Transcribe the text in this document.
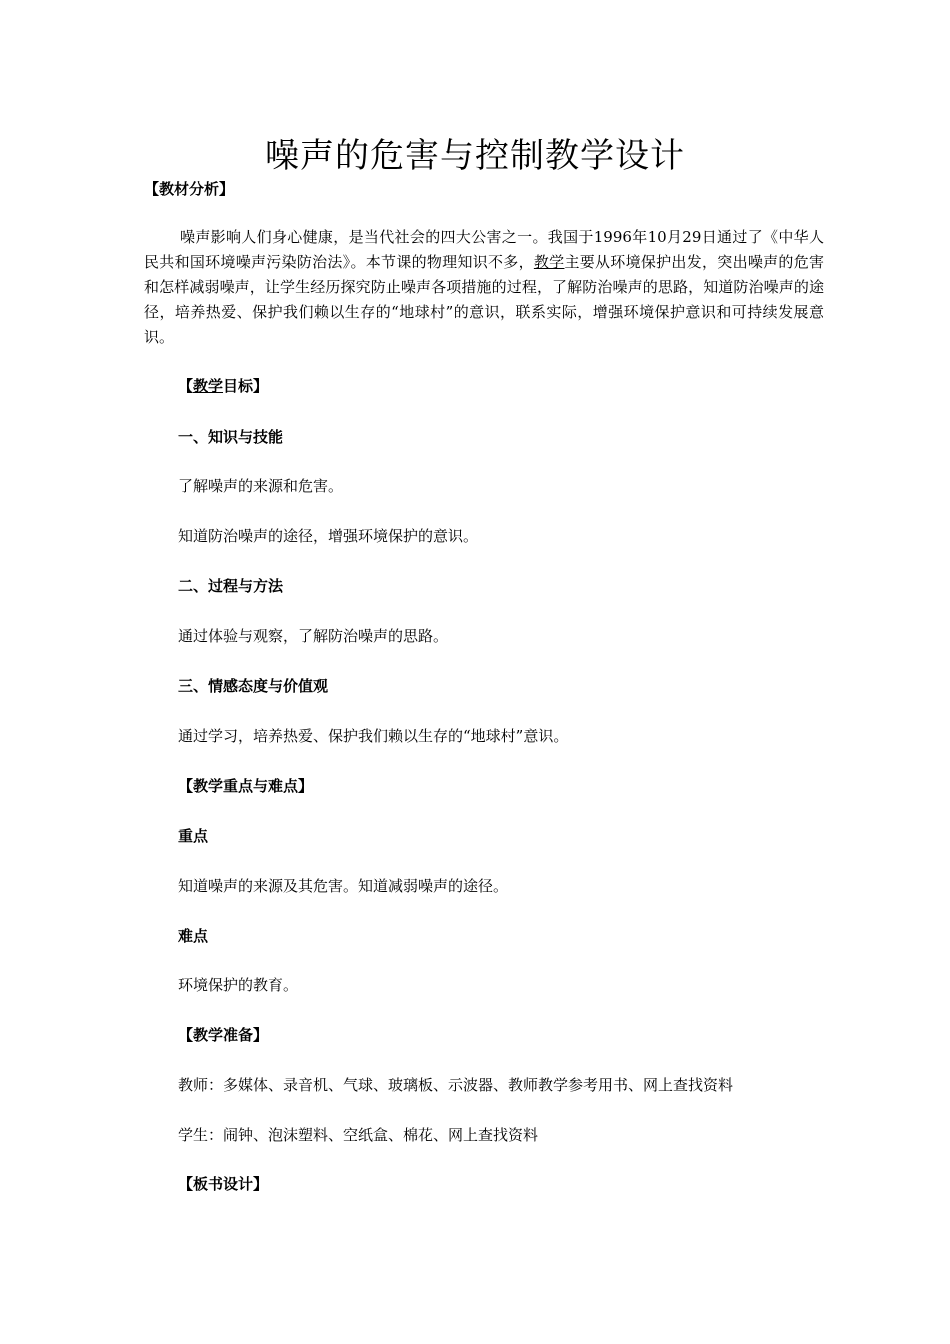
噪声的危害与控制教学设计
【教材分析】

噪声影响人们身心健康，是当代社会的四大公害之一。我国于1996年10月29日通过了《中华人民共和国环境噪声污染防治法》。本节课的物理知识不多，教学主要从环境保护出发，突出噪声的危害和怎样减弱噪声，让学生经历探究防止噪声各项措施的过程，了解防治噪声的思路，知道防治噪声的途径，培养热爱、保护我们赖以生存的“地球村”的意识，联系实际，增强环境保护意识和可持续发展意识。

【教学目标】
一、知识与技能
了解噪声的来源和危害。
知道防治噪声的途径，增强环境保护的意识。
二、过程与方法
通过体验与观察，了解防治噪声的思路。
三、情感态度与价值观
通过学习，培养热爱、保护我们赖以生存的“地球村”意识。
【教学重点与难点】
重点
知道噪声的来源及其危害。知道减弱噪声的途径。
难点
环境保护的教育。
【教学准备】
教师：多媒体、录音机、气球、玻璃板、示波器、教师教学参考用书、网上查找资料
学生：闹钟、泡沫塑料、空纸盒、棉花、网上查找资料
【板书设计】
